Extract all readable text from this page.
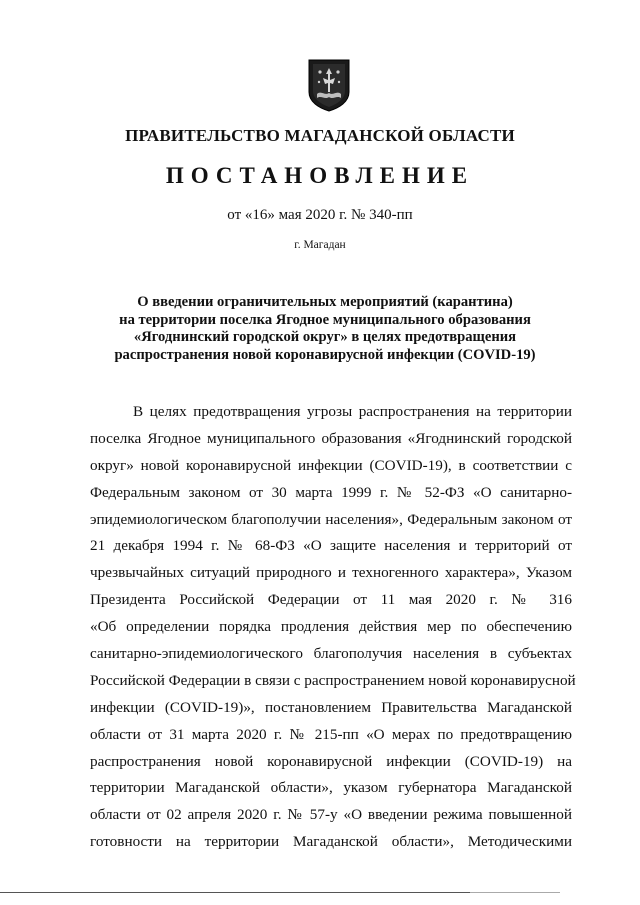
ПРАВИТЕЛЬСТВО МАГАДАНСКОЙ ОБЛАСТИ
ПОСТАНОВЛЕНИЕ
от «16» мая 2020 г. № 340-пп
г. Магадан
О введении ограничительных мероприятий (карантина)
на территории поселка Ягодное муниципального образования
«Ягоднинский городской округ» в целях предотвращения
распространения новой коронавирусной инфекции (COVID-19)
В целях предотвращения угрозы распространения на территории
поселка Ягодное муниципального образования «Ягоднинский городской
округ» новой коронавирусной инфекции (COVID-19), в соответствии с
Федеральным законом от 30 марта 1999 г. № 52-ФЗ «О санитарно-
эпидемиологическом благополучии населения», Федеральным законом от
21 декабря 1994 г. № 68-ФЗ «О защите населения и территорий от
чрезвычайных ситуаций природного и техногенного характера», Указом
Президента Российской Федерации от 11 мая 2020 г. № 316
«Об определении порядка продления действия мер по обеспечению
санитарно-эпидемиологического благополучия населения в субъектах
Российской Федерации в связи с распространением новой коронавирусной
инфекции (COVID-19)», постановлением Правительства Магаданской
области от 31 марта 2020 г. № 215-пп «О мерах по предотвращению
распространения новой коронавирусной инфекции (COVID-19) на
территории Магаданской области», указом губернатора Магаданской
области от 02 апреля 2020 г. № 57-у «О введении режима повышенной
готовности на территории Магаданской области», Методическими
